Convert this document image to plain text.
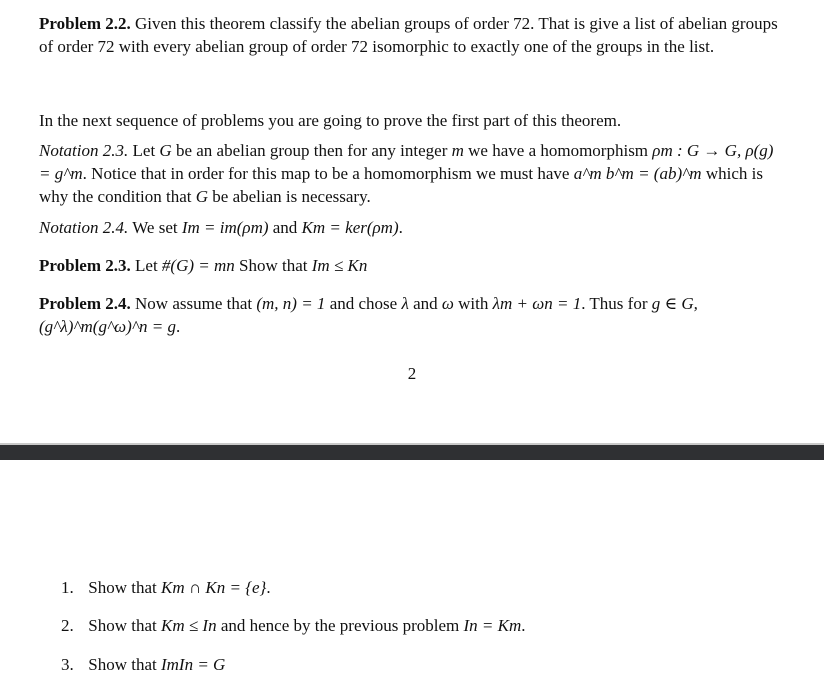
Problem 2.2. Given this theorem classify the abelian groups of order 72. That is give a list of abelian groups of order 72 with every abelian group of order 72 isomorphic to exactly one of the groups in the list.

In the next sequence of problems you are going to prove the first part of this theorem.

Notation 2.3. Let G be an abelian group then for any integer m we have a homomorphism ρm : G → G, ρ(g) = g^m. Notice that in order for this map to be a homomorphism we must have a^m b^m = (ab)^m which is why the condition that G be abelian is necessary.

Notation 2.4. We set Im = im(ρm) and Km = ker(ρm).

Problem 2.3. Let #(G) = mn Show that Im ≤ Kn

Problem 2.4. Now assume that (m, n) = 1 and chose λ and ω with λm + ωn = 1. Thus for g ∈ G, (g^λ)^m(g^ω)^n = g.

2
1. Show that Km ∩ Kn = {e}.
2. Show that Km ≤ In and hence by the previous problem In = Km.
3. Show that ImIn = G
